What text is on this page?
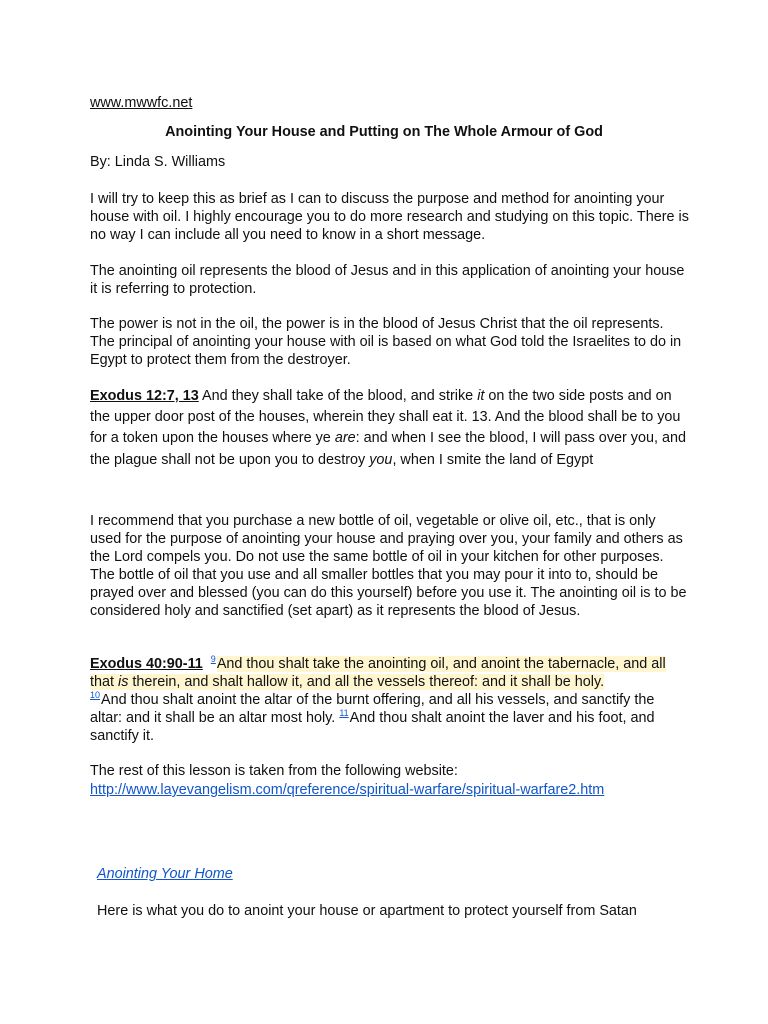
www.mwwfc.net
Anointing Your House and Putting on The Whole Armour of God
By: Linda S. Williams

I will try to keep this as brief as I can to discuss the purpose and method for anointing your house with oil. I highly encourage you to do more research and studying on this topic. There is no way I can include all you need to know in a short message.

The anointing oil represents the blood of Jesus and in this application of anointing your house it is referring to protection.

The power is not in the oil, the power is in the blood of Jesus Christ that the oil represents. The principal of anointing your house with oil is based on what God told the Israelites to do in Egypt to protect them from the destroyer.

Exodus 12:7, 13 And they shall take of the blood, and strike it on the two side posts and on the upper door post of the houses, wherein they shall eat it. 13. And the blood shall be to you for a token upon the houses where ye are: and when I see the blood, I will pass over you, and the plague shall not be upon you to destroy you, when I smite the land of Egypt

I recommend that you purchase a new bottle of oil, vegetable or olive oil, etc., that is only used for the purpose of anointing your house and praying over you, your family and others as the Lord compels you. Do not use the same bottle of oil in your kitchen for other purposes. The bottle of oil that you use and all smaller bottles that you may pour it into to, should be prayed over and blessed (you can do this yourself) before you use it. The anointing oil is to be considered holy and sanctified (set apart) as it represents the blood of Jesus.

Exodus 40:90-11 $^9$And thou shalt take the anointing oil, and anoint the tabernacle, and all that is therein, and shalt hallow it, and all the vessels thereof: and it shall be holy.
$^{10}$And thou shalt anoint the altar of the burnt offering, and all his vessels, and sanctify the altar: and it shall be an altar most holy. $^{11}$And thou shalt anoint the laver and his foot, and sanctify it.

The rest of this lesson is taken from the following website:
http://www.layevangelism.com/qreference/spiritual-warfare/spiritual-warfare2.htm
Anointing Your Home
Here is what you do to anoint your house or apartment to protect yourself from Satan
